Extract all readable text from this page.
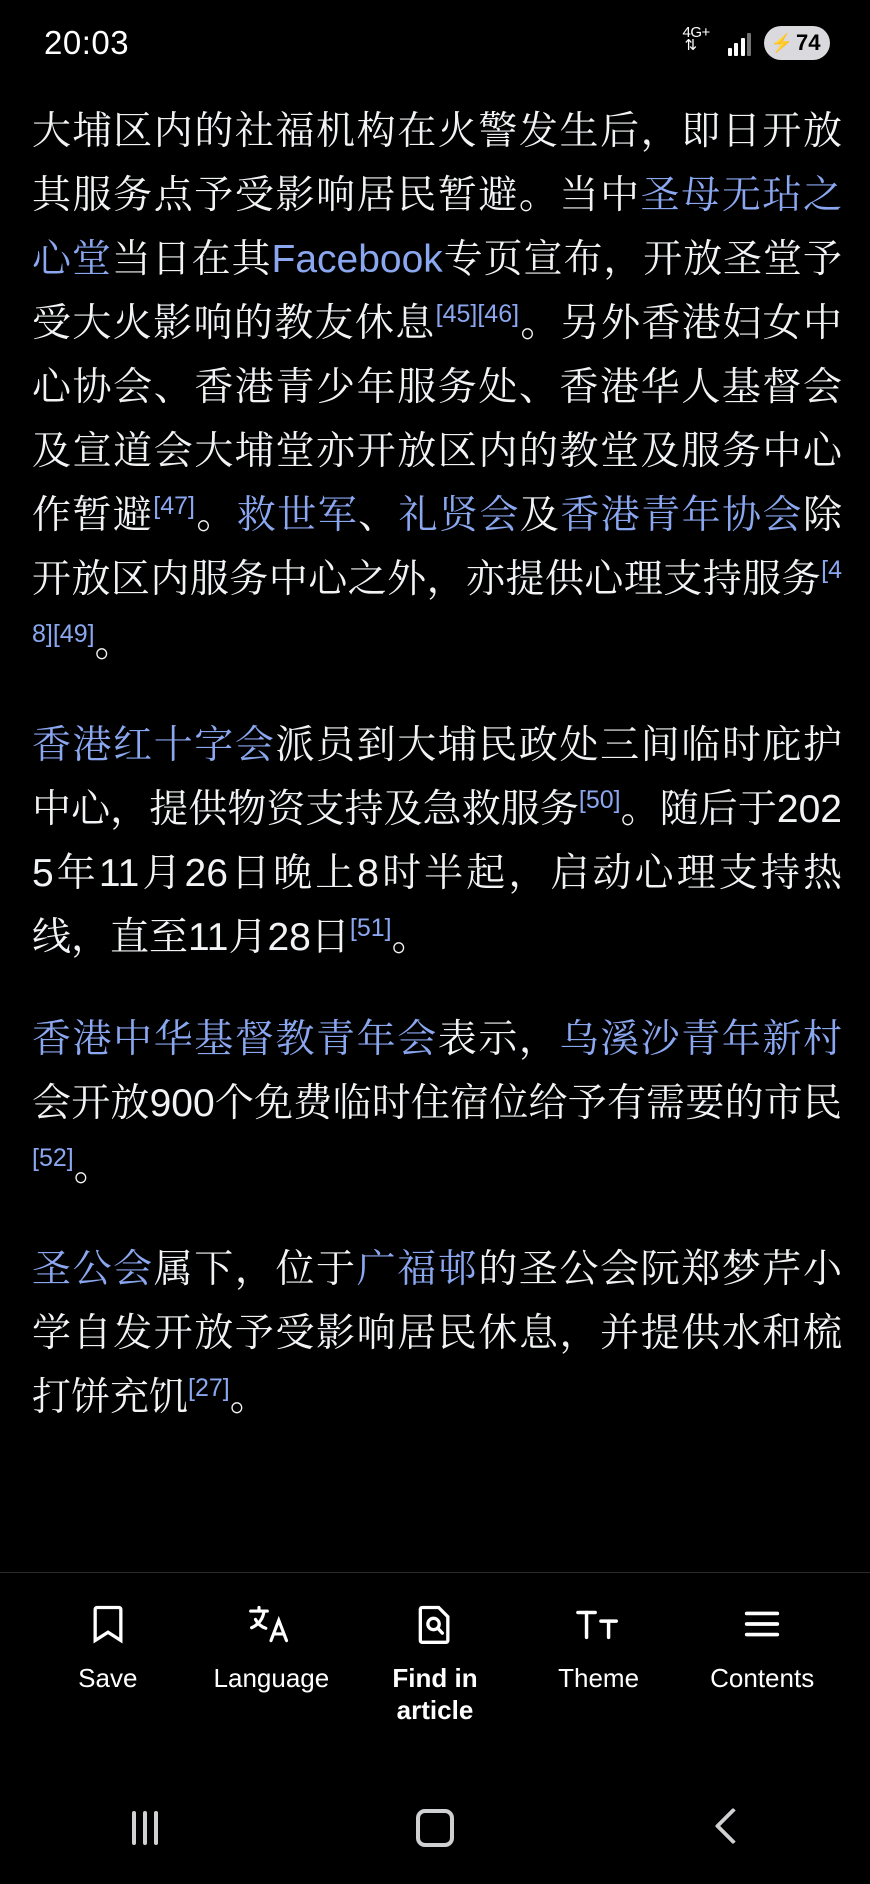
20:03	4G+
⇅	⚡ 74

大埔区内的社福机构在火警发生后，即日开放其服务点予受影响居民暂避。当中圣母无玷之心堂当日在其Facebook专页宣布，开放圣堂予受大火影响的教友休息[45][46]。另外香港妇女中心协会、香港青少年服务处、香港华人基督会及宣道会大埔堂亦开放区内的教堂及服务中心作暂避[47]。救世军、礼贤会及香港青年协会除开放区内服务中心之外，亦提供心理支持服务[48][49]。

香港红十字会派员到大埔民政处三间临时庇护中心，提供物资支持及急救服务[50]。随后于2025年11月26日晚上8时半起，启动心理支持热线，直至11月28日[51]。

香港中华基督教青年会表示，乌溪沙青年新村会开放900个免费临时住宿位给予有需要的市民[52]。

圣公会属下，位于广福邨的圣公会阮郑梦芹小学自发开放予受影响居民休息，并提供水和梳打饼充饥[27]。

Save	Language	Find in article
Theme	Contents
